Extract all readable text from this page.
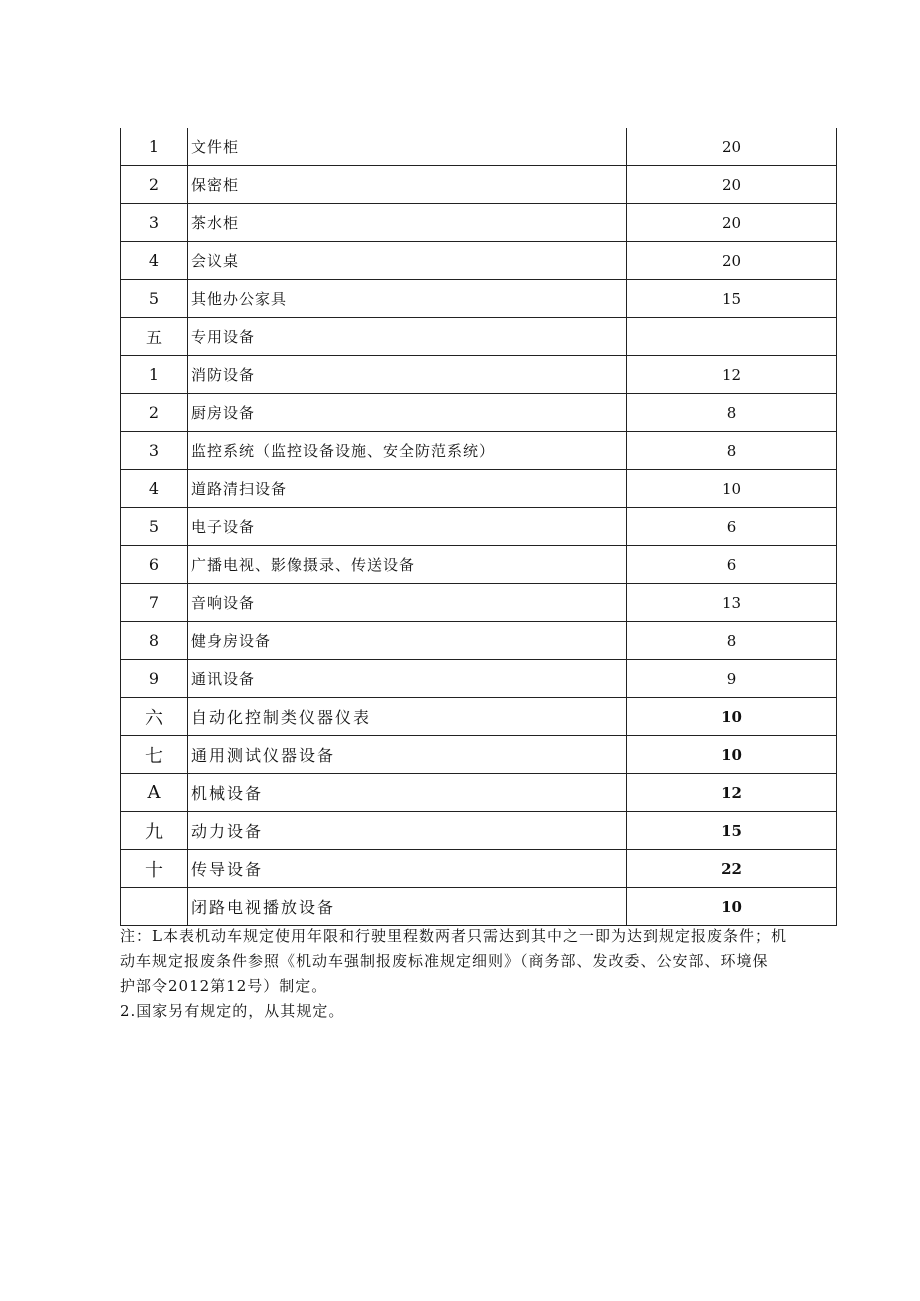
1	文件柜	20
2	保密柜	20
3	茶水柜	20
4	会议桌	20
5	其他办公家具	15
五	专用设备	
1	消防设备	12
2	厨房设备	8
3	监控系统（监控设备设施、安全防范系统）	8
4	道路清扫设备	10
5	电子设备	6
6	广播电视、影像摄录、传送设备	6
7	音响设备	13
8	健身房设备	8
9	通讯设备	9
六	自动化控制类仪器仪表	10
七	通用测试仪器设备	10
A	机械设备	12
九	动力设备	15
十	传导设备	22
	闭路电视播放设备	10

注：L本表机动车规定使用年限和行驶里程数两者只需达到其中之一即为达到规定报废条件；机

动车规定报废条件参照《机动车强制报废标准规定细则》（商务部、发改委、公安部、环境保

护部令2012第12号）制定。

2.国家另有规定的，从其规定。
